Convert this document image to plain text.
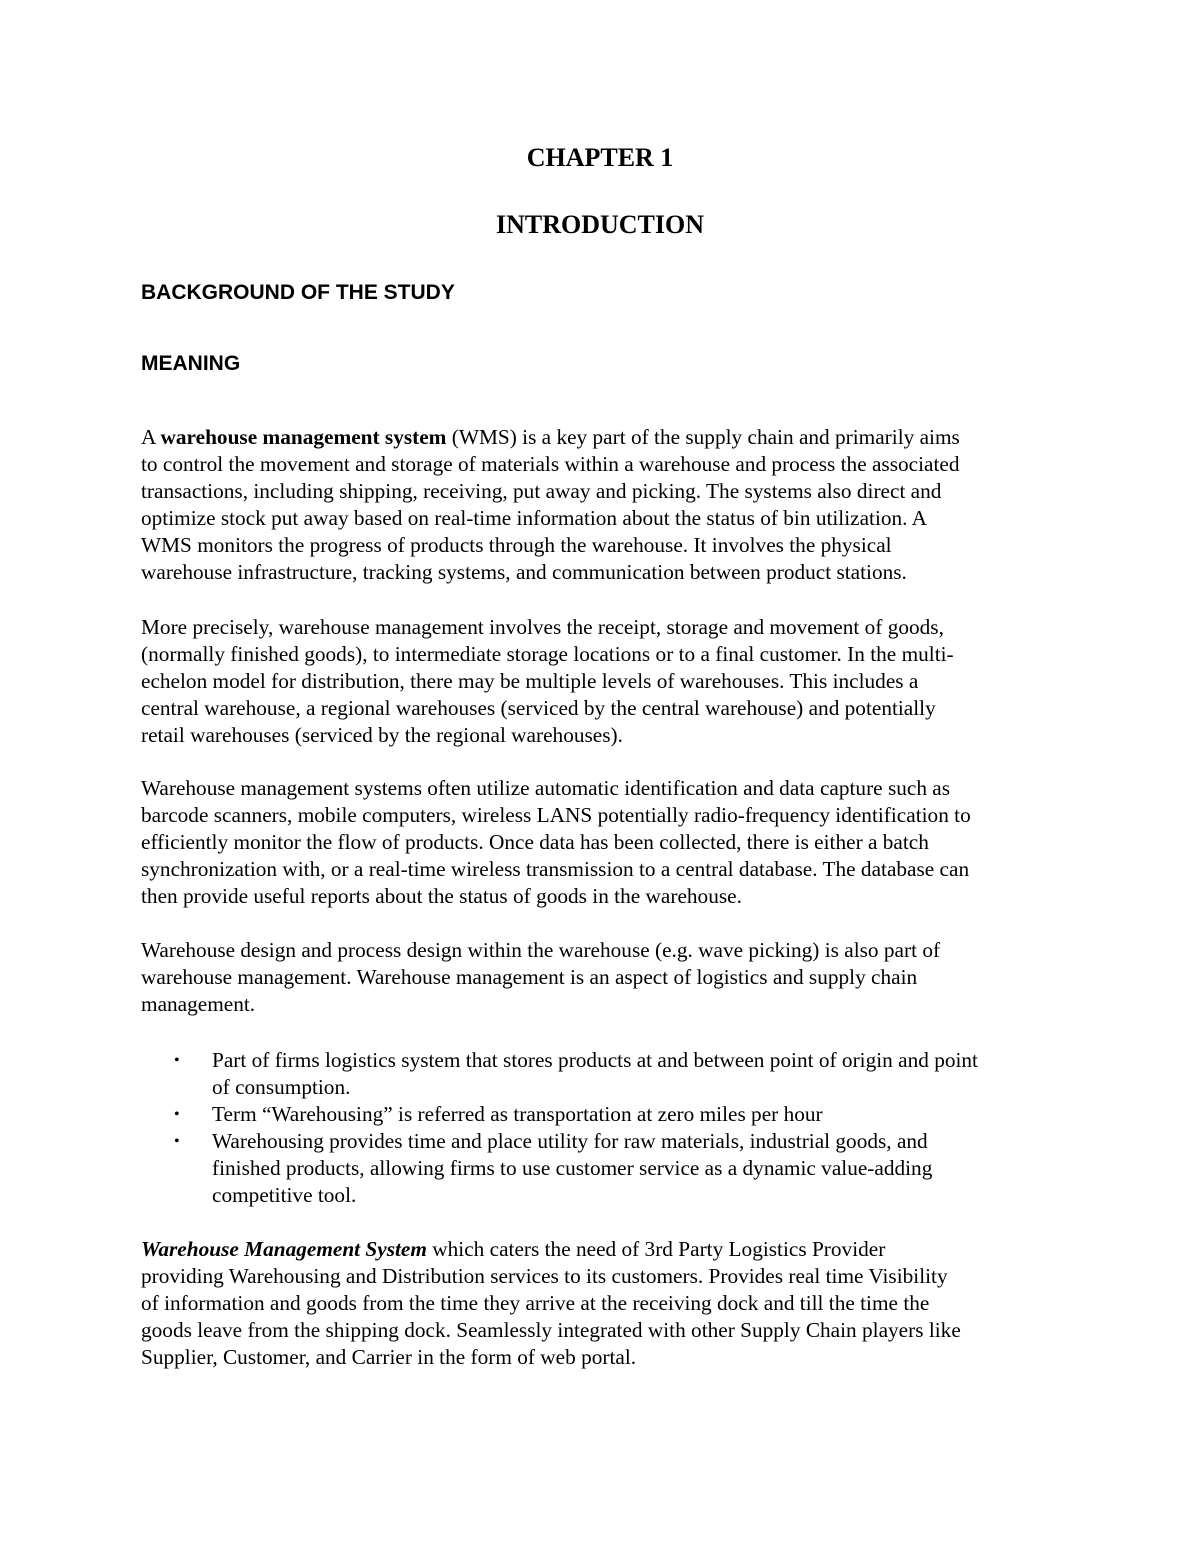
CHAPTER 1
INTRODUCTION
BACKGROUND OF THE STUDY
MEANING
A warehouse management system (WMS) is a key part of the supply chain and primarily aims
to control the movement and storage of materials within a warehouse and process the associated
transactions, including shipping, receiving, put away and picking. The systems also direct and
optimize stock put away based on real-time information about the status of bin utilization. A
WMS monitors the progress of products through the warehouse. It involves the physical
warehouse infrastructure, tracking systems, and communication between product stations.
More precisely, warehouse management involves the receipt, storage and movement of goods,
(normally finished goods), to intermediate storage locations or to a final customer. In the multi-
echelon model for distribution, there may be multiple levels of warehouses. This includes a
central warehouse, a regional warehouses (serviced by the central warehouse) and potentially
retail warehouses (serviced by the regional warehouses).
Warehouse management systems often utilize automatic identification and data capture such as
barcode scanners, mobile computers, wireless LANS potentially radio-frequency identification to
efficiently monitor the flow of products. Once data has been collected, there is either a batch
synchronization with, or a real-time wireless transmission to a central database. The database can
then provide useful reports about the status of goods in the warehouse.
Warehouse design and process design within the warehouse (e.g. wave picking) is also part of
warehouse management. Warehouse management is an aspect of logistics and supply chain
management.
• Part of firms logistics system that stores products at and between point of origin and point
of consumption.
• Term “Warehousing” is referred as transportation at zero miles per hour
• Warehousing provides time and place utility for raw materials, industrial goods, and
finished products, allowing firms to use customer service as a dynamic value-adding
competitive tool.
Warehouse Management System which caters the need of 3rd Party Logistics Provider
providing Warehousing and Distribution services to its customers. Provides real time Visibility
of information and goods from the time they arrive at the receiving dock and till the time the
goods leave from the shipping dock. Seamlessly integrated with other Supply Chain players like
Supplier, Customer, and Carrier in the form of web portal.
